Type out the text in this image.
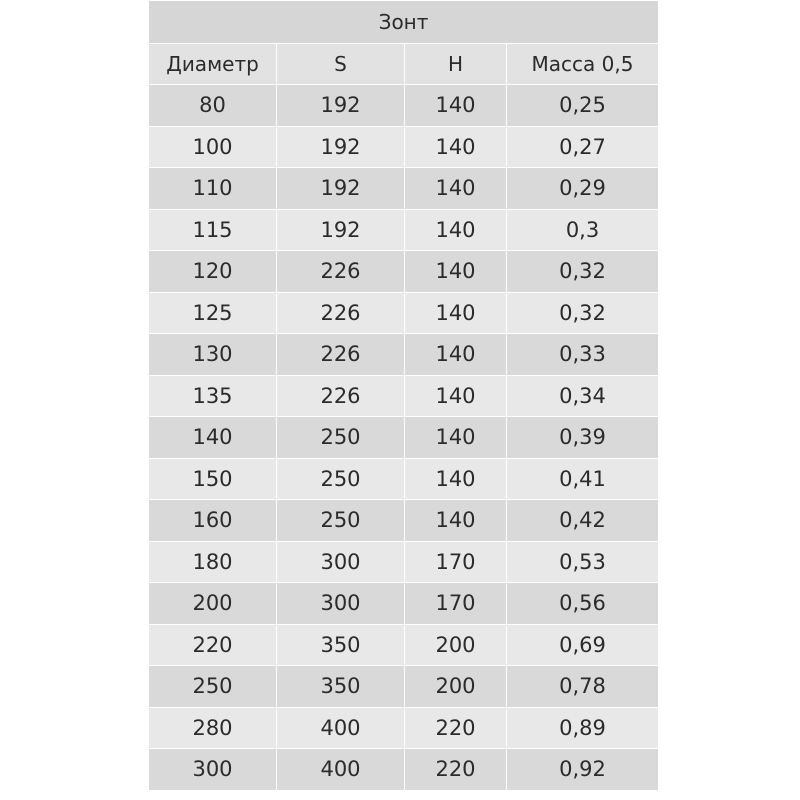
Зонт			
Диаметр	S	H	Масса 0,5
80	192	140	0,25
100	192	140	0,27
110	192	140	0,29
115	192	140	0,3
120	226	140	0,32
125	226	140	0,32
130	226	140	0,33
135	226	140	0,34
140	250	140	0,39
150	250	140	0,41
160	250	140	0,42
180	300	170	0,53
200	300	170	0,56
220	350	200	0,69
250	350	200	0,78
280	400	220	0,89
300	400	220	0,92
